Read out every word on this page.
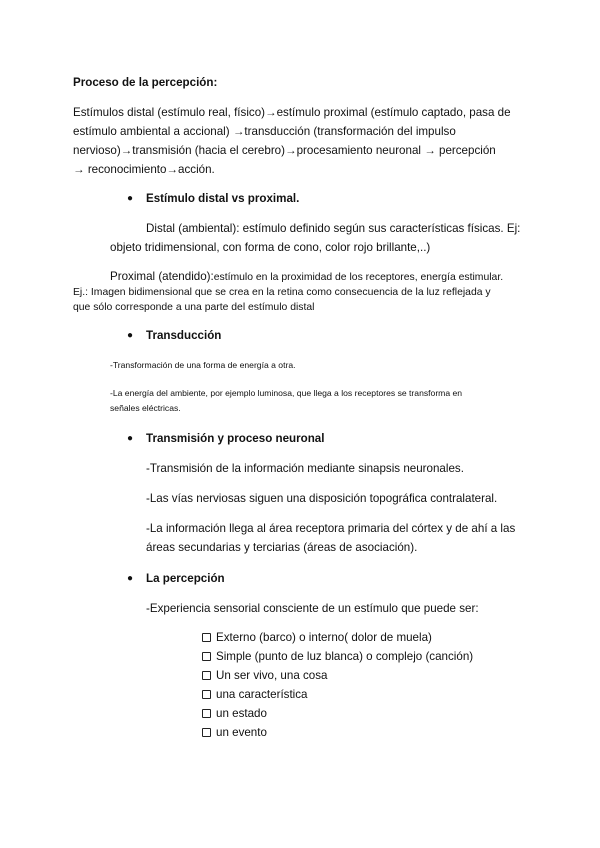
Proceso de la percepción:
Estímulos distal (estímulo real, físico)→estímulo proximal (estímulo captado, pasa de
estímulo ambiental a accional) →transducción (transformación del impulso
nervioso)→transmisión (hacia el cerebro)→procesamiento neuronal → percepción
→ reconocimiento→acción.
● Estímulo distal vs proximal.
Distal (ambiental): estímulo definido según sus características físicas. Ej:
objeto tridimensional, con forma de cono, color rojo brillante,..)
Proximal (atendido):estímulo en la proximidad de los receptores, energía estimular.
Ej.: Imagen bidimensional que se crea en la retina como consecuencia de la luz reflejada y
que sólo corresponde a una parte del estímulo distal
● Transducción
-Transformación de una forma de energía a otra.
-La energía del ambiente, por ejemplo luminosa, que llega a los receptores se transforma en
señales eléctricas.
● Transmisión y proceso neuronal
-Transmisión de la información mediante sinapsis neuronales.
-Las vías nerviosas siguen una disposición topográfica contralateral.
-La información llega al área receptora primaria del córtex y de ahí a las
áreas secundarias y terciarias (áreas de asociación).
● La percepción
-Experiencia sensorial consciente de un estímulo que puede ser:
Externo (barco) o interno( dolor de muela)
Simple (punto de luz blanca) o complejo (canción)
Un ser vivo, una cosa
una característica
un estado
un evento
